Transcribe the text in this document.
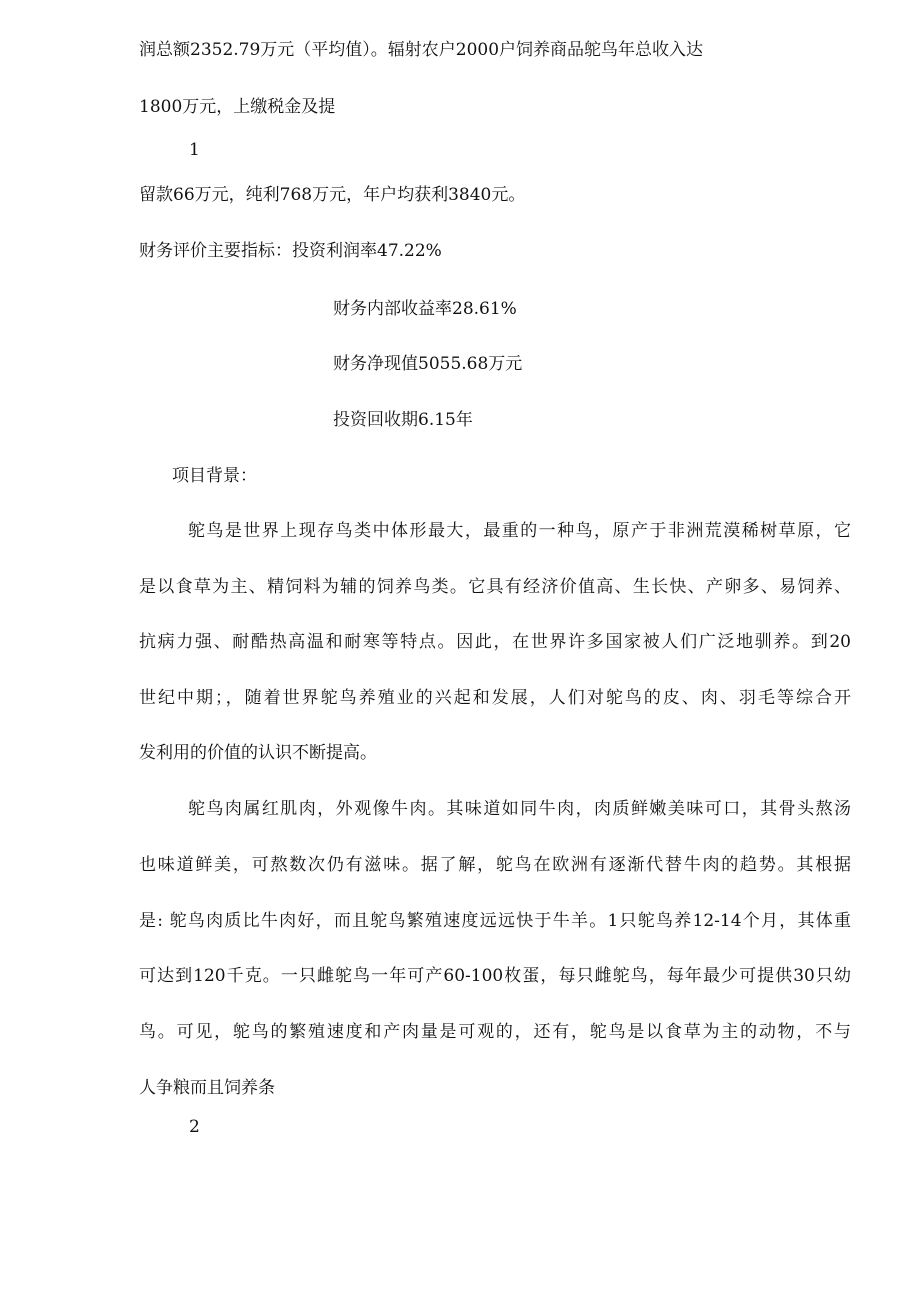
润总额2352.79万元（平均值）。辐射农户2000户饲养商品鸵鸟年总收入达
1800万元，上缴税金及提
1
留款66万元，纯利768万元，年户均获利3840元。
财务评价主要指标：投资利润率47.22%
财务内部收益率28.61%
财务净现值5055.68万元
投资回收期6.15年
项目背景：
鸵鸟是世界上现存鸟类中体形最大，最重的一种鸟，原产于非洲荒漠稀树草原，它
是以食草为主、精饲料为辅的饲养鸟类。它具有经济价值高、生长快、产卵多、易饲养、
抗病力强、耐酷热高温和耐寒等特点。因此，在世界许多国家被人们广泛地驯养。到20
世纪中期；，随着世界鸵鸟养殖业的兴起和发展，人们对鸵鸟的皮、肉、羽毛等综合开
发利用的价值的认识不断提高。
鸵鸟肉属红肌肉，外观像牛肉。其味道如同牛肉，肉质鲜嫩美味可口，其骨头熬汤
也味道鲜美，可熬数次仍有滋味。据了解，鸵鸟在欧洲有逐渐代替牛肉的趋势。其根据
是: 鸵鸟肉质比牛肉好，而且鸵鸟繁殖速度远远快于牛羊。1只鸵鸟养12-14个月，其体重
可达到120千克。一只雌鸵鸟一年可产60-100枚蛋，每只雌鸵鸟，每年最少可提供30只幼
鸟。可见，鸵鸟的繁殖速度和产肉量是可观的，还有，鸵鸟是以食草为主的动物，不与
人争粮而且饲养条
2
